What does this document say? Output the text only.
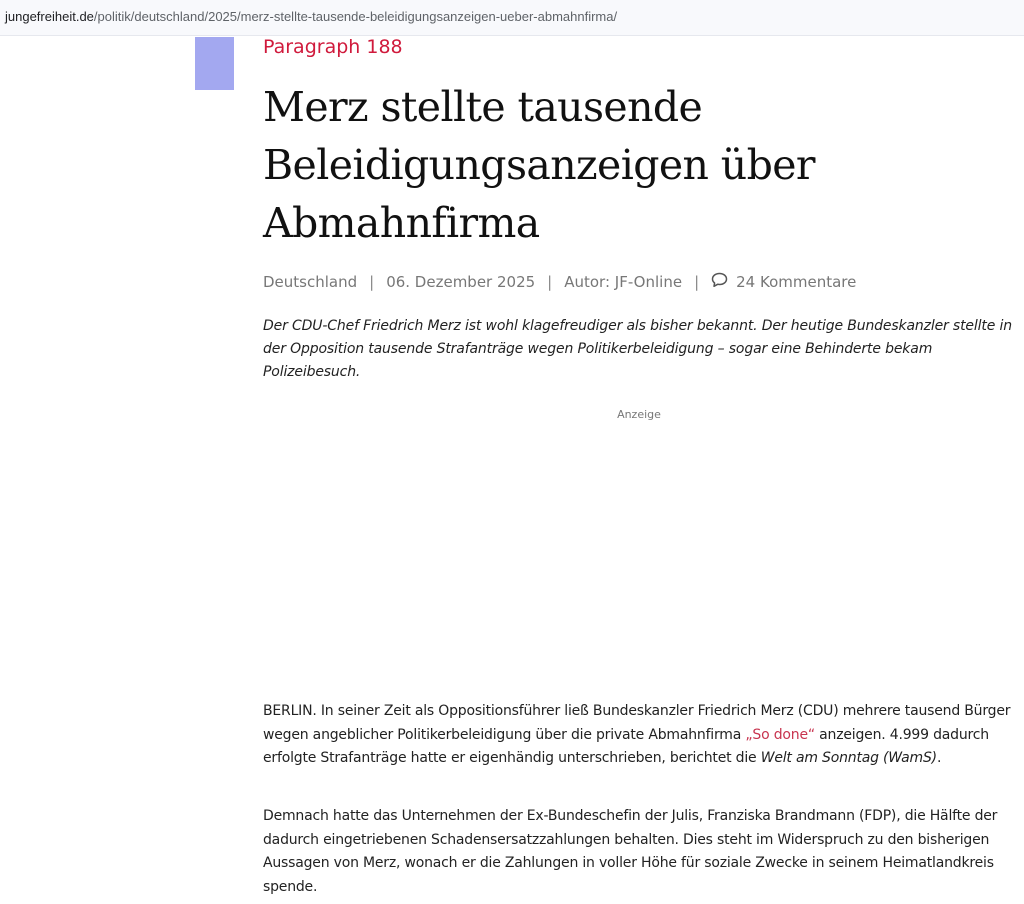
jungefreiheit.de/politik/deutschland/2025/merz-stellte-tausende-beleidigungsanzeigen-ueber-abmahnfirma/
Paragraph 188
Merz stellte tausende
Beleidigungsanzeigen über
Abmahnfirma
Deutschland | 06. Dezember 2025 | Autor: JF-Online | 24 Kommentare

Der CDU-Chef Friedrich Merz ist wohl klagefreudiger als bisher bekannt. Der heutige Bundeskanzler stellte in der Opposition tausende Strafanträge wegen Politikerbeleidigung – sogar eine Behinderte bekam Polizeibesuch.

Anzeige

BERLIN. In seiner Zeit als Oppositionsführer ließ Bundeskanzler Friedrich Merz (CDU) mehrere tausend Bürger wegen angeblicher Politikerbeleidigung über die private Abmahnfirma „So done“ anzeigen. 4.999 dadurch erfolgte Strafanträge hatte er eigenhändig unterschrieben, berichtet die Welt am Sonntag (WamS).

Demnach hatte das Unternehmen der Ex-Bundeschefin der Julis, Franziska Brandmann (FDP), die Hälfte der dadurch eingetriebenen Schadensersatzzahlungen behalten. Dies steht im Widerspruch zu den bisherigen Aussagen von Merz, wonach er die Zahlungen in voller Höhe für soziale Zwecke in seinem Heimatlandkreis spende.
